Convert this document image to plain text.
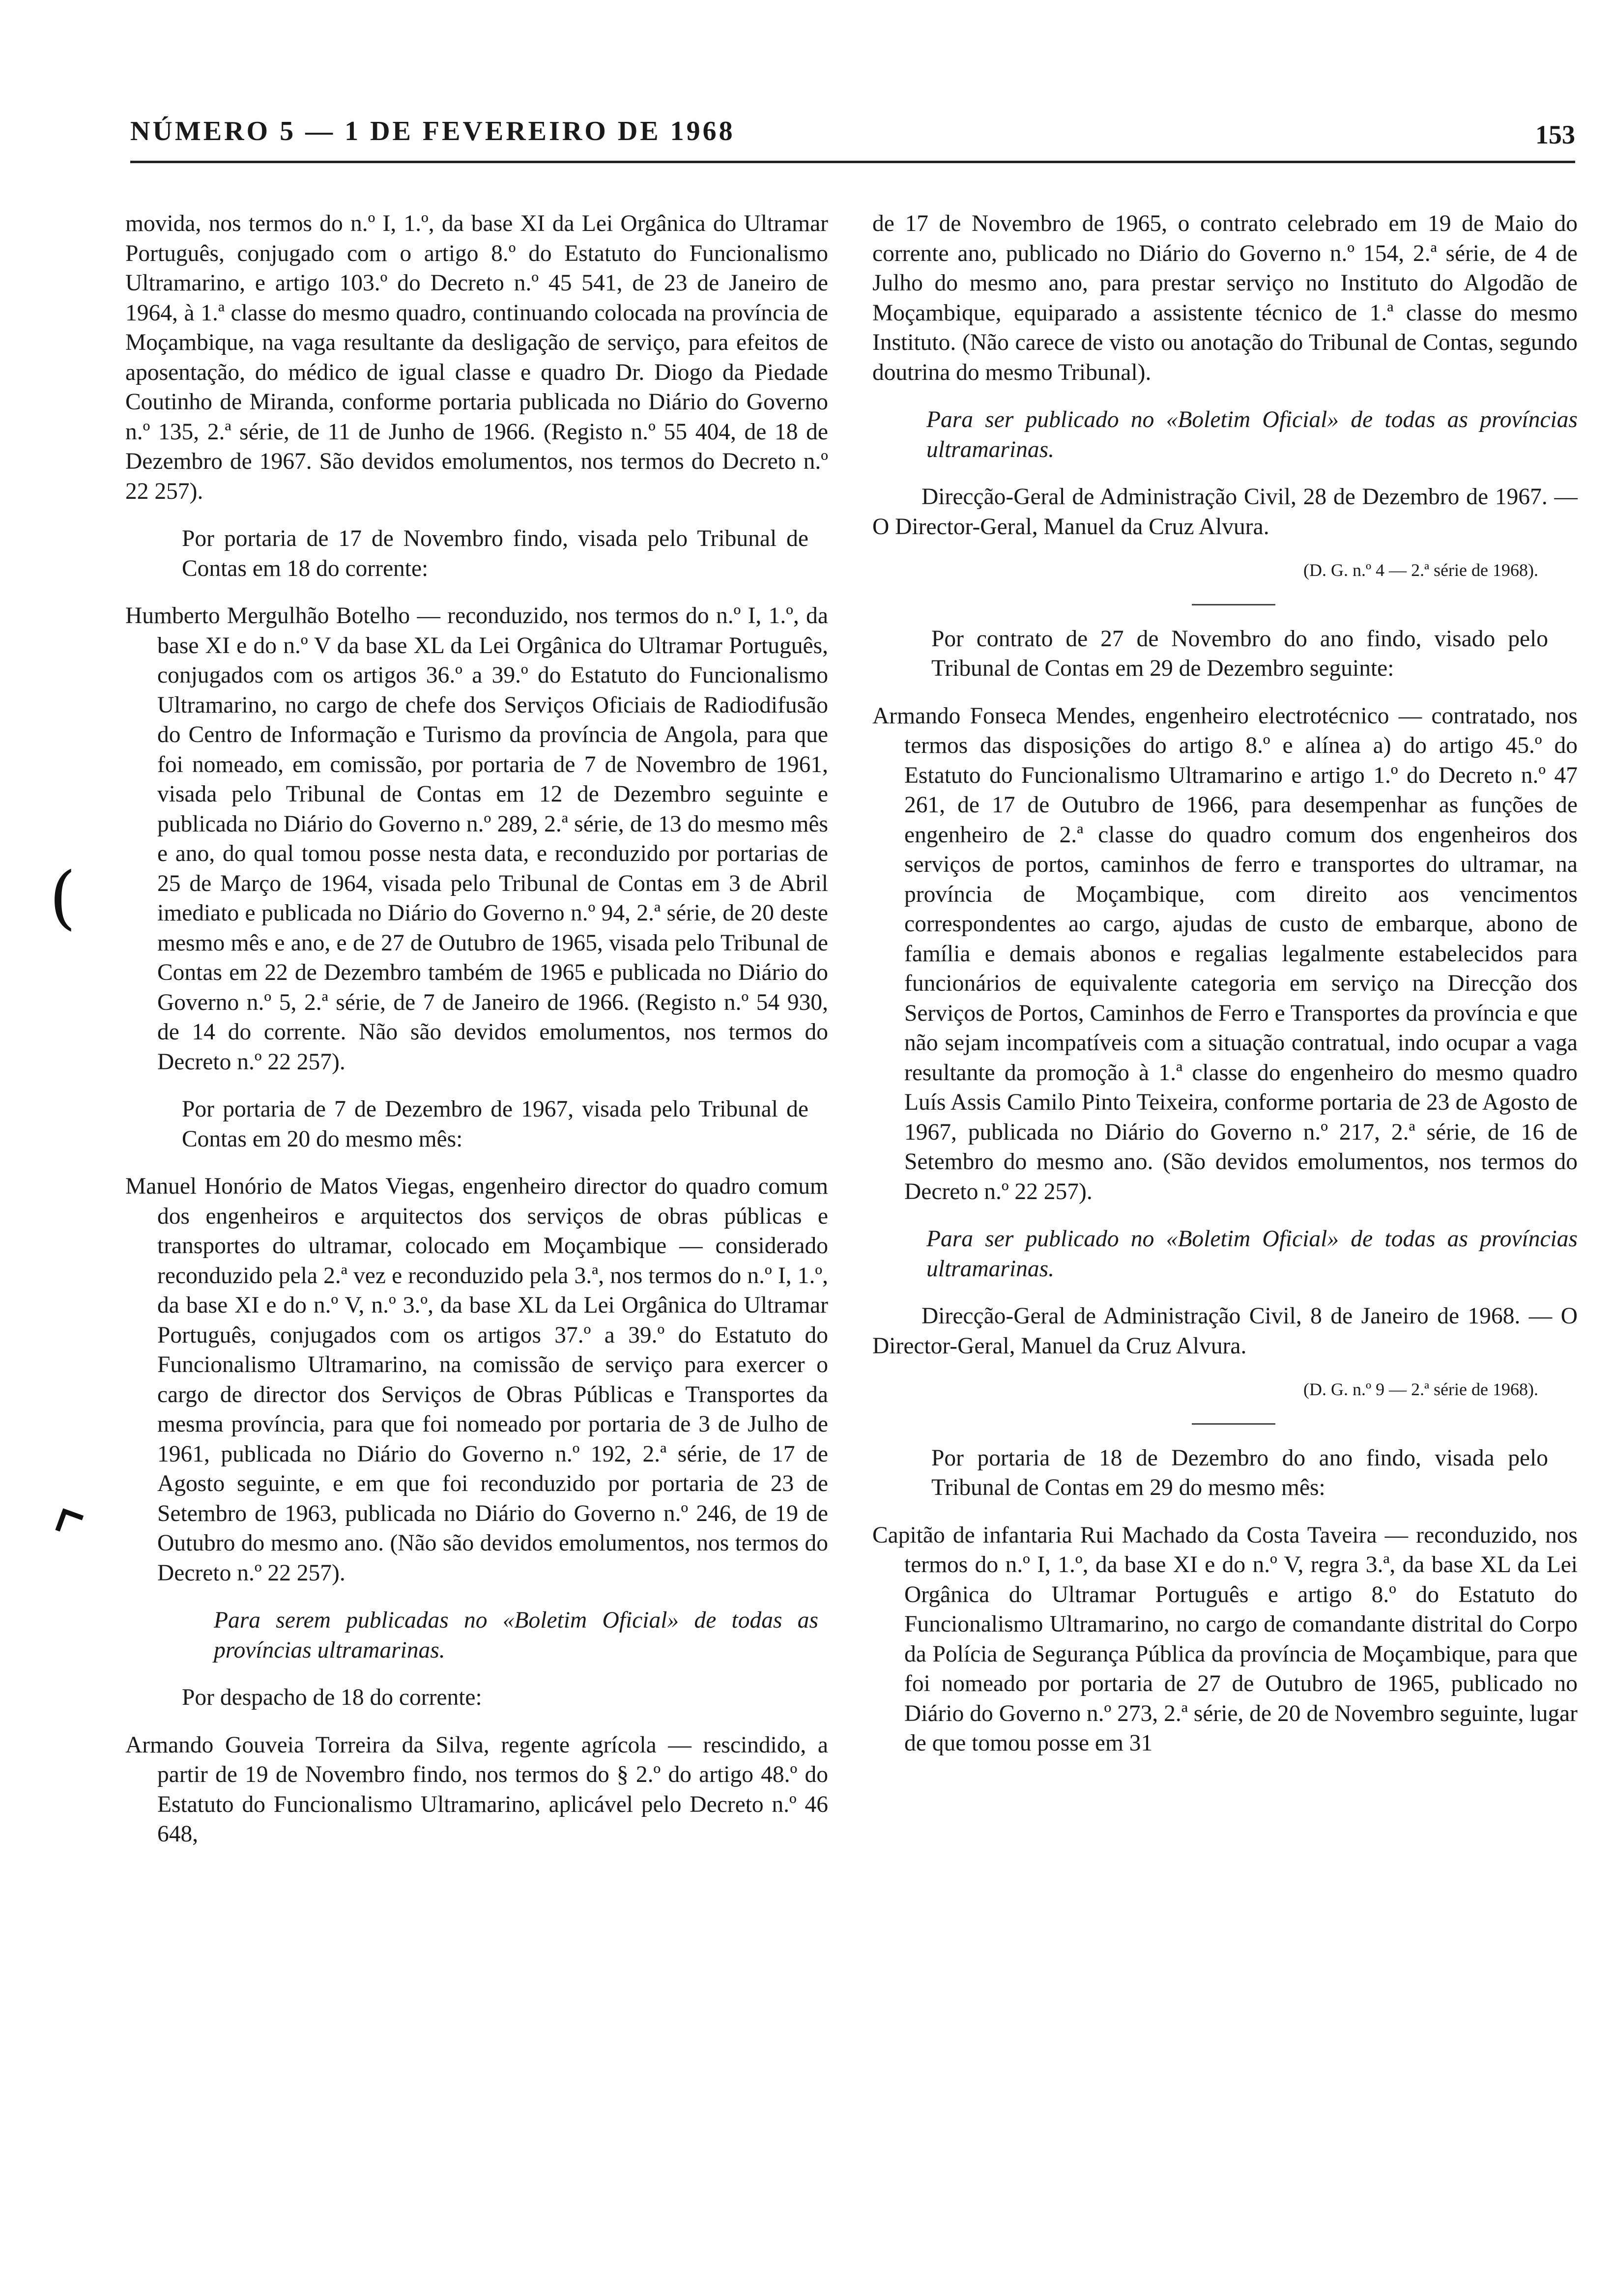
NÚMERO 5 — 1 DE FEVEREIRO DE 1968	153

movida, nos termos do n.º I, 1.º, da base XI da Lei Orgânica do Ultramar Português, conjugado com o artigo 8.º do Estatuto do Funcionalismo Ultramarino, e artigo 103.º do Decreto n.º 45 541, de 23 de Janeiro de 1964, à 1.ª classe do mesmo quadro, continuando colocada na província de Moçambique, na vaga resultante da desligação de serviço, para efeitos de aposentação, do médico de igual classe e quadro Dr. Diogo da Piedade Coutinho de Miranda, conforme portaria publicada no Diário do Governo n.º 135, 2.ª série, de 11 de Junho de 1966. (Registo n.º 55 404, de 18 de Dezembro de 1967. São devidos emolumentos, nos termos do Decreto n.º 22 257).

Por portaria de 17 de Novembro findo, visada pelo Tribunal de Contas em 18 do corrente:

Humberto Mergulhão Botelho — reconduzido, nos termos do n.º I, 1.º, da base XI e do n.º V da base XL da Lei Orgânica do Ultramar Português, conjugados com os artigos 36.º a 39.º do Estatuto do Funcionalismo Ultramarino, no cargo de chefe dos Serviços Oficiais de Radiodifusão do Centro de Informação e Turismo da província de Angola, para que foi nomeado, em comissão, por portaria de 7 de Novembro de 1961, visada pelo Tribunal de Contas em 12 de Dezembro seguinte e publicada no Diário do Governo n.º 289, 2.ª série, de 13 do mesmo mês e ano, do qual tomou posse nesta data, e reconduzido por portarias de 25 de Março de 1964, visada pelo Tribunal de Contas em 3 de Abril imediato e publicada no Diário do Governo n.º 94, 2.ª série, de 20 deste mesmo mês e ano, e de 27 de Outubro de 1965, visada pelo Tribunal de Contas em 22 de Dezembro também de 1965 e publicada no Diário do Governo n.º 5, 2.ª série, de 7 de Janeiro de 1966. (Registo n.º 54 930, de 14 do corrente. Não são devidos emolumentos, nos termos do Decreto n.º 22 257).

Por portaria de 7 de Dezembro de 1967, visada pelo Tribunal de Contas em 20 do mesmo mês:

Manuel Honório de Matos Viegas, engenheiro director do quadro comum dos engenheiros e arquitectos dos serviços de obras públicas e transportes do ultramar, colocado em Moçambique — considerado reconduzido pela 2.ª vez e reconduzido pela 3.ª, nos termos do n.º I, 1.º, da base XI e do n.º V, n.º 3.º, da base XL da Lei Orgânica do Ultramar Português, conjugados com os artigos 37.º a 39.º do Estatuto do Funcionalismo Ultramarino, na comissão de serviço para exercer o cargo de director dos Serviços de Obras Públicas e Transportes da mesma província, para que foi nomeado por portaria de 3 de Julho de 1961, publicada no Diário do Governo n.º 192, 2.ª série, de 17 de Agosto seguinte, e em que foi reconduzido por portaria de 23 de Setembro de 1963, publicada no Diário do Governo n.º 246, de 19 de Outubro do mesmo ano. (Não são devidos emolumentos, nos termos do Decreto n.º 22 257).

Para serem publicadas no «Boletim Oficial» de todas as províncias ultramarinas.

Por despacho de 18 do corrente:

Armando Gouveia Torreira da Silva, regente agrícola — rescindido, a partir de 19 de Novembro findo, nos termos do § 2.º do artigo 48.º do Estatuto do Funcionalismo Ultramarino, aplicável pelo Decreto n.º 46 648,

de 17 de Novembro de 1965, o contrato celebrado em 19 de Maio do corrente ano, publicado no Diário do Governo n.º 154, 2.ª série, de 4 de Julho do mesmo ano, para prestar serviço no Instituto do Algodão de Moçambique, equiparado a assistente técnico de 1.ª classe do mesmo Instituto. (Não carece de visto ou anotação do Tribunal de Contas, segundo doutrina do mesmo Tribunal).

Para ser publicado no «Boletim Oficial» de todas as províncias ultramarinas.

Direcção-Geral de Administração Civil, 28 de Dezembro de 1967. — O Director-Geral, Manuel da Cruz Alvura.

(D. G. n.º 4 — 2.ª série de 1968).

Por contrato de 27 de Novembro do ano findo, visado pelo Tribunal de Contas em 29 de Dezembro seguinte:

Armando Fonseca Mendes, engenheiro electrotécnico — contratado, nos termos das disposições do artigo 8.º e alínea a) do artigo 45.º do Estatuto do Funcionalismo Ultramarino e artigo 1.º do Decreto n.º 47 261, de 17 de Outubro de 1966, para desempenhar as funções de engenheiro de 2.ª classe do quadro comum dos engenheiros dos serviços de portos, caminhos de ferro e transportes do ultramar, na província de Moçambique, com direito aos vencimentos correspondentes ao cargo, ajudas de custo de embarque, abono de família e demais abonos e regalias legalmente estabelecidos para funcionários de equivalente categoria em serviço na Direcção dos Serviços de Portos, Caminhos de Ferro e Transportes da província e que não sejam incompatíveis com a situação contratual, indo ocupar a vaga resultante da promoção à 1.ª classe do engenheiro do mesmo quadro Luís Assis Camilo Pinto Teixeira, conforme portaria de 23 de Agosto de 1967, publicada no Diário do Governo n.º 217, 2.ª série, de 16 de Setembro do mesmo ano. (São devidos emolumentos, nos termos do Decreto n.º 22 257).

Para ser publicado no «Boletim Oficial» de todas as províncias ultramarinas.

Direcção-Geral de Administração Civil, 8 de Janeiro de 1968. — O Director-Geral, Manuel da Cruz Alvura.

(D. G. n.º 9 — 2.ª série de 1968).

Por portaria de 18 de Dezembro do ano findo, visada pelo Tribunal de Contas em 29 do mesmo mês:

Capitão de infantaria Rui Machado da Costa Taveira — reconduzido, nos termos do n.º I, 1.º, da base XI e do n.º V, regra 3.ª, da base XL da Lei Orgânica do Ultramar Português e artigo 8.º do Estatuto do Funcionalismo Ultramarino, no cargo de comandante distrital do Corpo da Polícia de Segurança Pública da província de Moçambique, para que foi nomeado por portaria de 27 de Outubro de 1965, publicado no Diário do Governo n.º 273, 2.ª série, de 20 de Novembro seguinte, lugar de que tomou posse em 31

(
⌜
